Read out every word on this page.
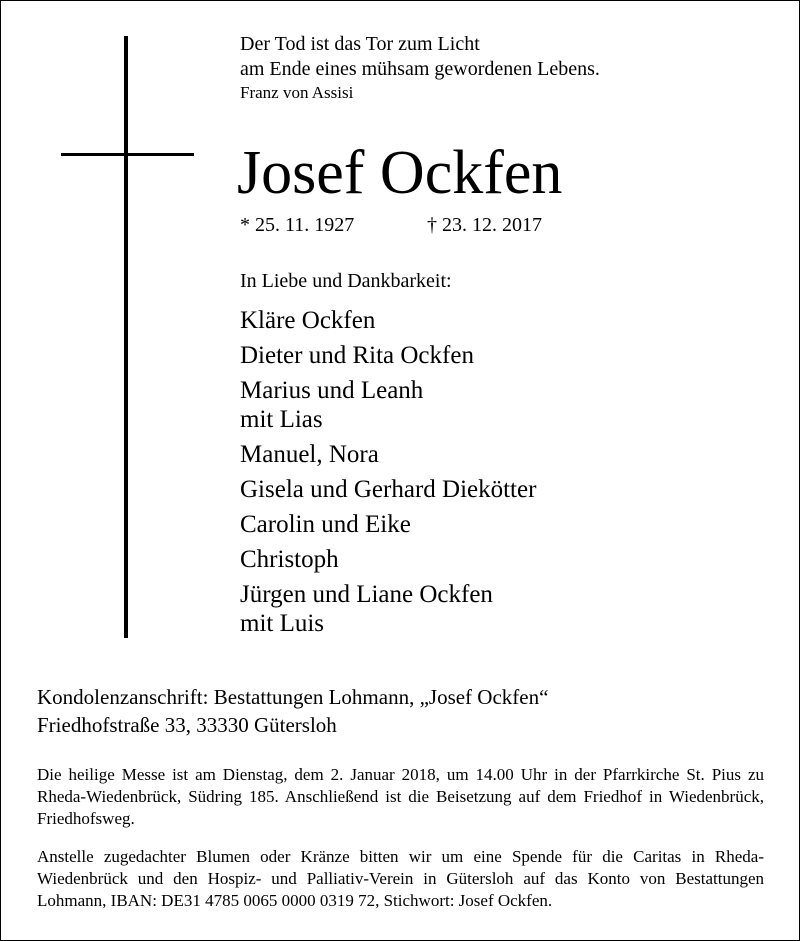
Der Tod ist das Tor zum Licht
am Ende eines mühsam gewordenen Lebens.
Franz von Assisi
Josef Ockfen
* 25. 11. 1927	† 23. 12. 2017
In Liebe und Dankbarkeit:
Kläre Ockfen
Dieter und Rita Ockfen
Marius und Leanh
mit Lias
Manuel, Nora
Gisela und Gerhard Diekötter
Carolin und Eike
Christoph
Jürgen und Liane Ockfen
mit Luis
Kondolenzanschrift: Bestattungen Lohmann, „Josef Ockfen“
Friedhofstraße 33, 33330 Gütersloh

Die heilige Messe ist am Dienstag, dem 2. Januar 2018, um 14.00 Uhr in der Pfarrkirche St. Pius zu Rheda-Wiedenbrück, Südring 185. Anschließend ist die Beisetzung auf dem Friedhof in Wiedenbrück, Friedhofsweg.

Anstelle zugedachter Blumen oder Kränze bitten wir um eine Spende für die Caritas in Rheda-Wiedenbrück und den Hospiz- und Palliativ-Verein in Gütersloh auf das Konto von Bestattungen Lohmann, IBAN: DE31 4785 0065 0000 0319 72, Stichwort: Josef Ockfen.
